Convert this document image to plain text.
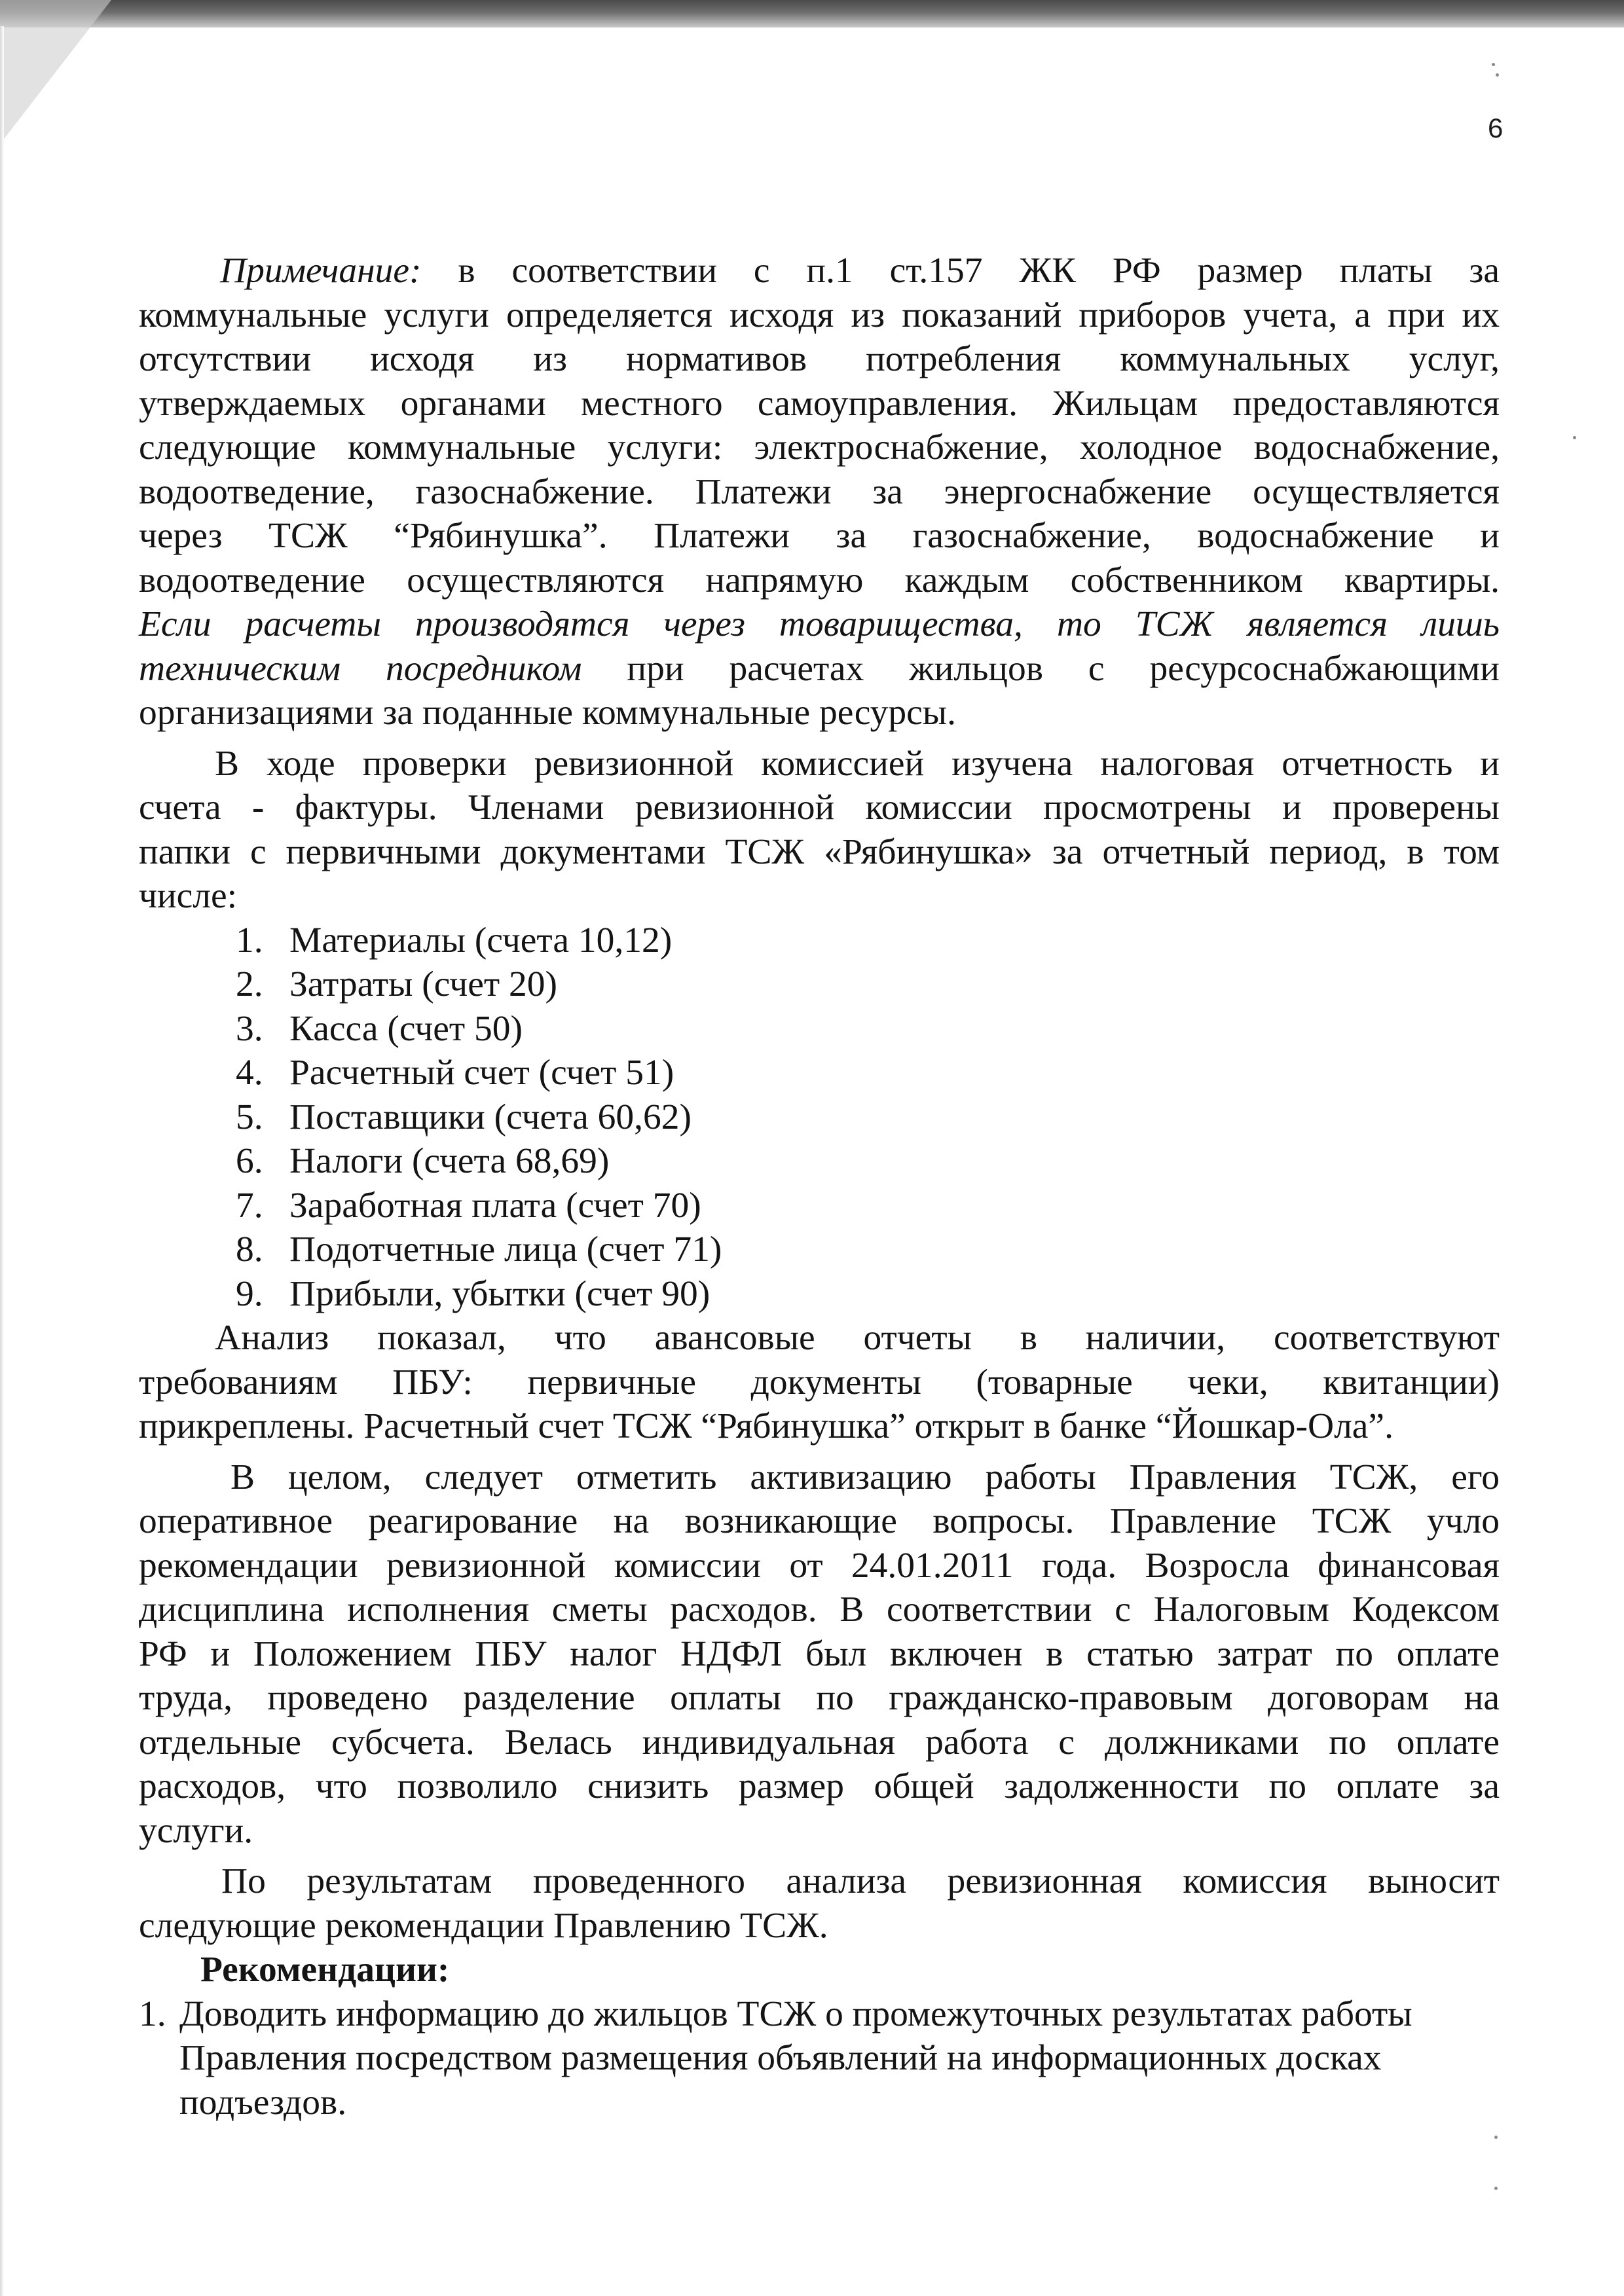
6
Примечание: в соответствии с п.1 ст.157 ЖК РФ размер платы за
коммунальные услуги определяется исходя из показаний приборов учета, а при их
отсутствии исходя из нормативов потребления коммунальных услуг,
утверждаемых органами местного самоуправления. Жильцам предоставляются
следующие коммунальные услуги: электроснабжение, холодное водоснабжение,
водоотведение, газоснабжение. Платежи за энергоснабжение осуществляется
через ТСЖ “Рябинушка”. Платежи за газоснабжение, водоснабжение и
водоотведение осуществляются напрямую каждым собственником квартиры.
Если расчеты производятся через товарищества, то ТСЖ является лишь
техническим посредником при расчетах жильцов с ресурсоснабжающими
организациями за поданные коммунальные ресурсы.
В ходе проверки ревизионной комиссией изучена налоговая отчетность и
счета - фактуры. Членами ревизионной комиссии просмотрены и проверены
папки с первичными документами ТСЖ «Рябинушка» за отчетный период, в том
числе:
1. Материалы (счета 10,12)
2. Затраты (счет 20)
3. Касса (счет 50)
4. Расчетный счет (счет 51)
5. Поставщики (счета 60,62)
6. Налоги (счета 68,69)
7. Заработная плата (счет 70)
8. Подотчетные лица (счет 71)
9. Прибыли, убытки (счет 90)
Анализ показал, что авансовые отчеты в наличии, соответствуют
требованиям ПБУ: первичные документы (товарные чеки, квитанции)
прикреплены. Расчетный счет ТСЖ “Рябинушка” открыт в банке “Йошкар-Ола”.
В целом, следует отметить активизацию работы Правления ТСЖ, его
оперативное реагирование на возникающие вопросы. Правление ТСЖ учло
рекомендации ревизионной комиссии от 24.01.2011 года. Возросла финансовая
дисциплина исполнения сметы расходов. В соответствии с Налоговым Кодексом
РФ и Положением ПБУ налог НДФЛ был включен в статью затрат по оплате
труда, проведено разделение оплаты по гражданско-правовым договорам на
отдельные субсчета. Велась индивидуальная работа с должниками по оплате
расходов, что позволило снизить размер общей задолженности по оплате за
услуги.
По результатам проведенного анализа ревизионная комиссия выносит
следующие рекомендации Правлению ТСЖ.
Рекомендации:
1. Доводить информацию до жильцов ТСЖ о промежуточных результатах работы
Правления посредством размещения объявлений на информационных досках
подъездов.
